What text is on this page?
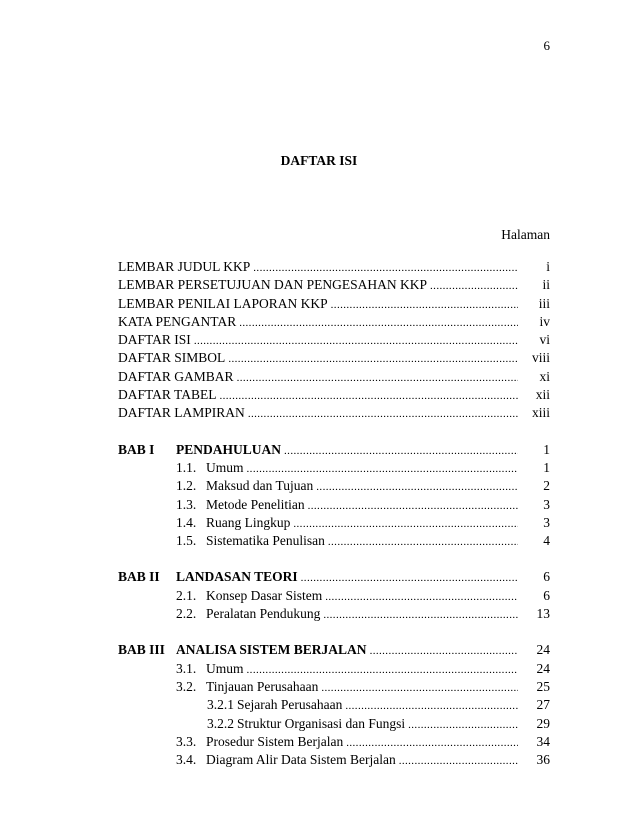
6
DAFTAR ISI
Halaman
LEMBAR JUDUL KKP .....	i
LEMBAR PERSETUJUAN DAN PENGESAHAN KKP .....	ii
LEMBAR PENILAI LAPORAN KKP .....	iii
KATA PENGANTAR .....	iv
DAFTAR ISI .....	vi
DAFTAR SIMBOL .....	viii
DAFTAR GAMBAR .....	xi
DAFTAR TABEL .....	xii
DAFTAR LAMPIRAN .....	xiii
BAB I	PENDAHULUAN .....	1
1.1. Umum .....	1
1.2. Maksud dan Tujuan .....	2
1.3. Metode Penelitian .....	3
1.4. Ruang Lingkup .....	3
1.5. Sistematika Penulisan .....	4
BAB II	LANDASAN TEORI .....	6
2.1. Konsep Dasar Sistem .....	6
2.2. Peralatan Pendukung .....	13
BAB III ANALISA SISTEM BERJALAN .....	24
3.1. Umum .....	24
3.2. Tinjauan Perusahaan .....	25
3.2.1 Sejarah Perusahaan .....	27
3.2.2 Struktur Organisasi dan Fungsi .....	29
3.3. Prosedur Sistem Berjalan .....	34
3.4. Diagram Alir Data Sistem Berjalan .....	36
